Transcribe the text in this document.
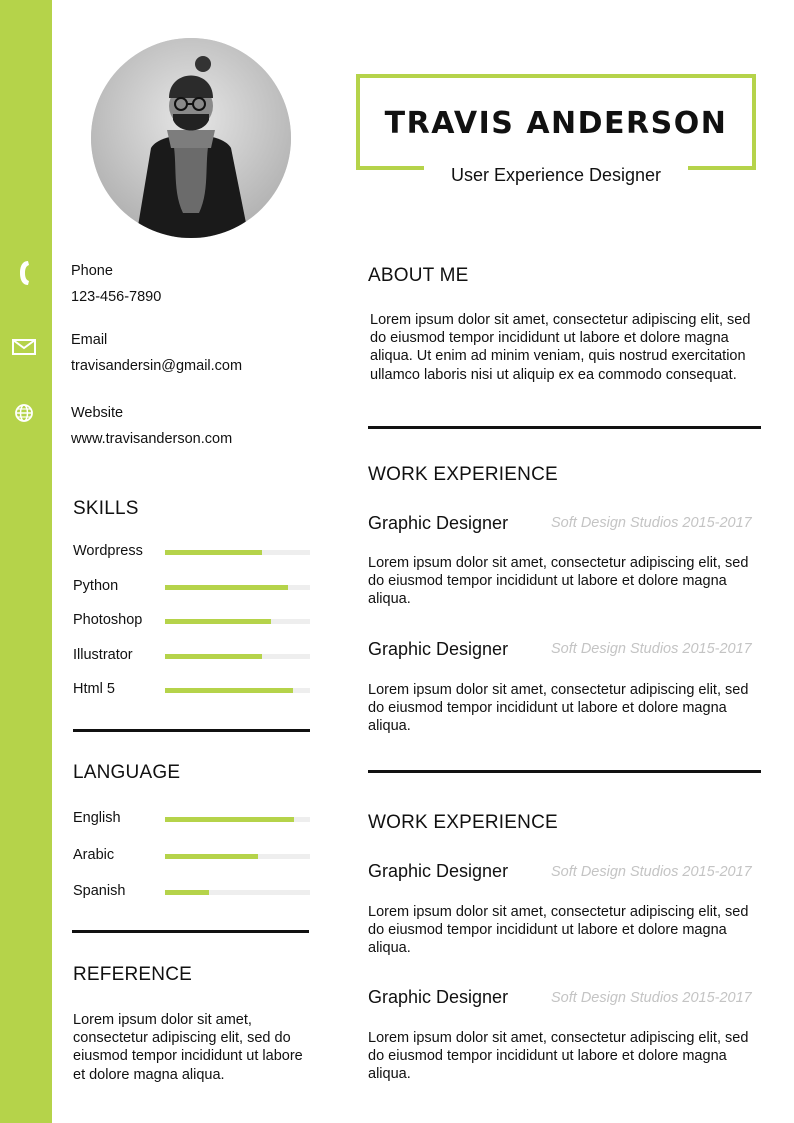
TRAVIS ANDERSON
User Experience Designer
Phone
123-456-7890
Email
travisandersin@gmail.com
Website
www.travisanderson.com
SKILLS
Wordpress
Python
Photoshop
Illustrator
Html 5
LANGUAGE
English
Arabic
Spanish
REFERENCE
Lorem ipsum dolor sit amet, consectetur adipiscing elit, sed do eiusmod tempor incididunt ut labore et dolore magna aliqua.
ABOUT ME
Lorem ipsum dolor sit amet, consectetur adipiscing elit, sed do eiusmod tempor incididunt ut labore et dolore magna aliqua. Ut enim ad minim veniam, quis nostrud exercitation ullamco laboris nisi ut aliquip ex ea commodo consequat.
WORK EXPERIENCE
Graphic Designer	Soft Design Studios 2015-2017
Lorem ipsum dolor sit amet, consectetur adipiscing elit, sed do eiusmod tempor incididunt ut labore et dolore magna aliqua.
Graphic Designer	Soft Design Studios 2015-2017
Lorem ipsum dolor sit amet, consectetur adipiscing elit, sed do eiusmod tempor incididunt ut labore et dolore magna aliqua.
WORK EXPERIENCE
Graphic Designer	Soft Design Studios 2015-2017
Lorem ipsum dolor sit amet, consectetur adipiscing elit, sed do eiusmod tempor incididunt ut labore et dolore magna aliqua.
Graphic Designer	Soft Design Studios 2015-2017
Lorem ipsum dolor sit amet, consectetur adipiscing elit, sed do eiusmod tempor incididunt ut labore et dolore magna aliqua.
